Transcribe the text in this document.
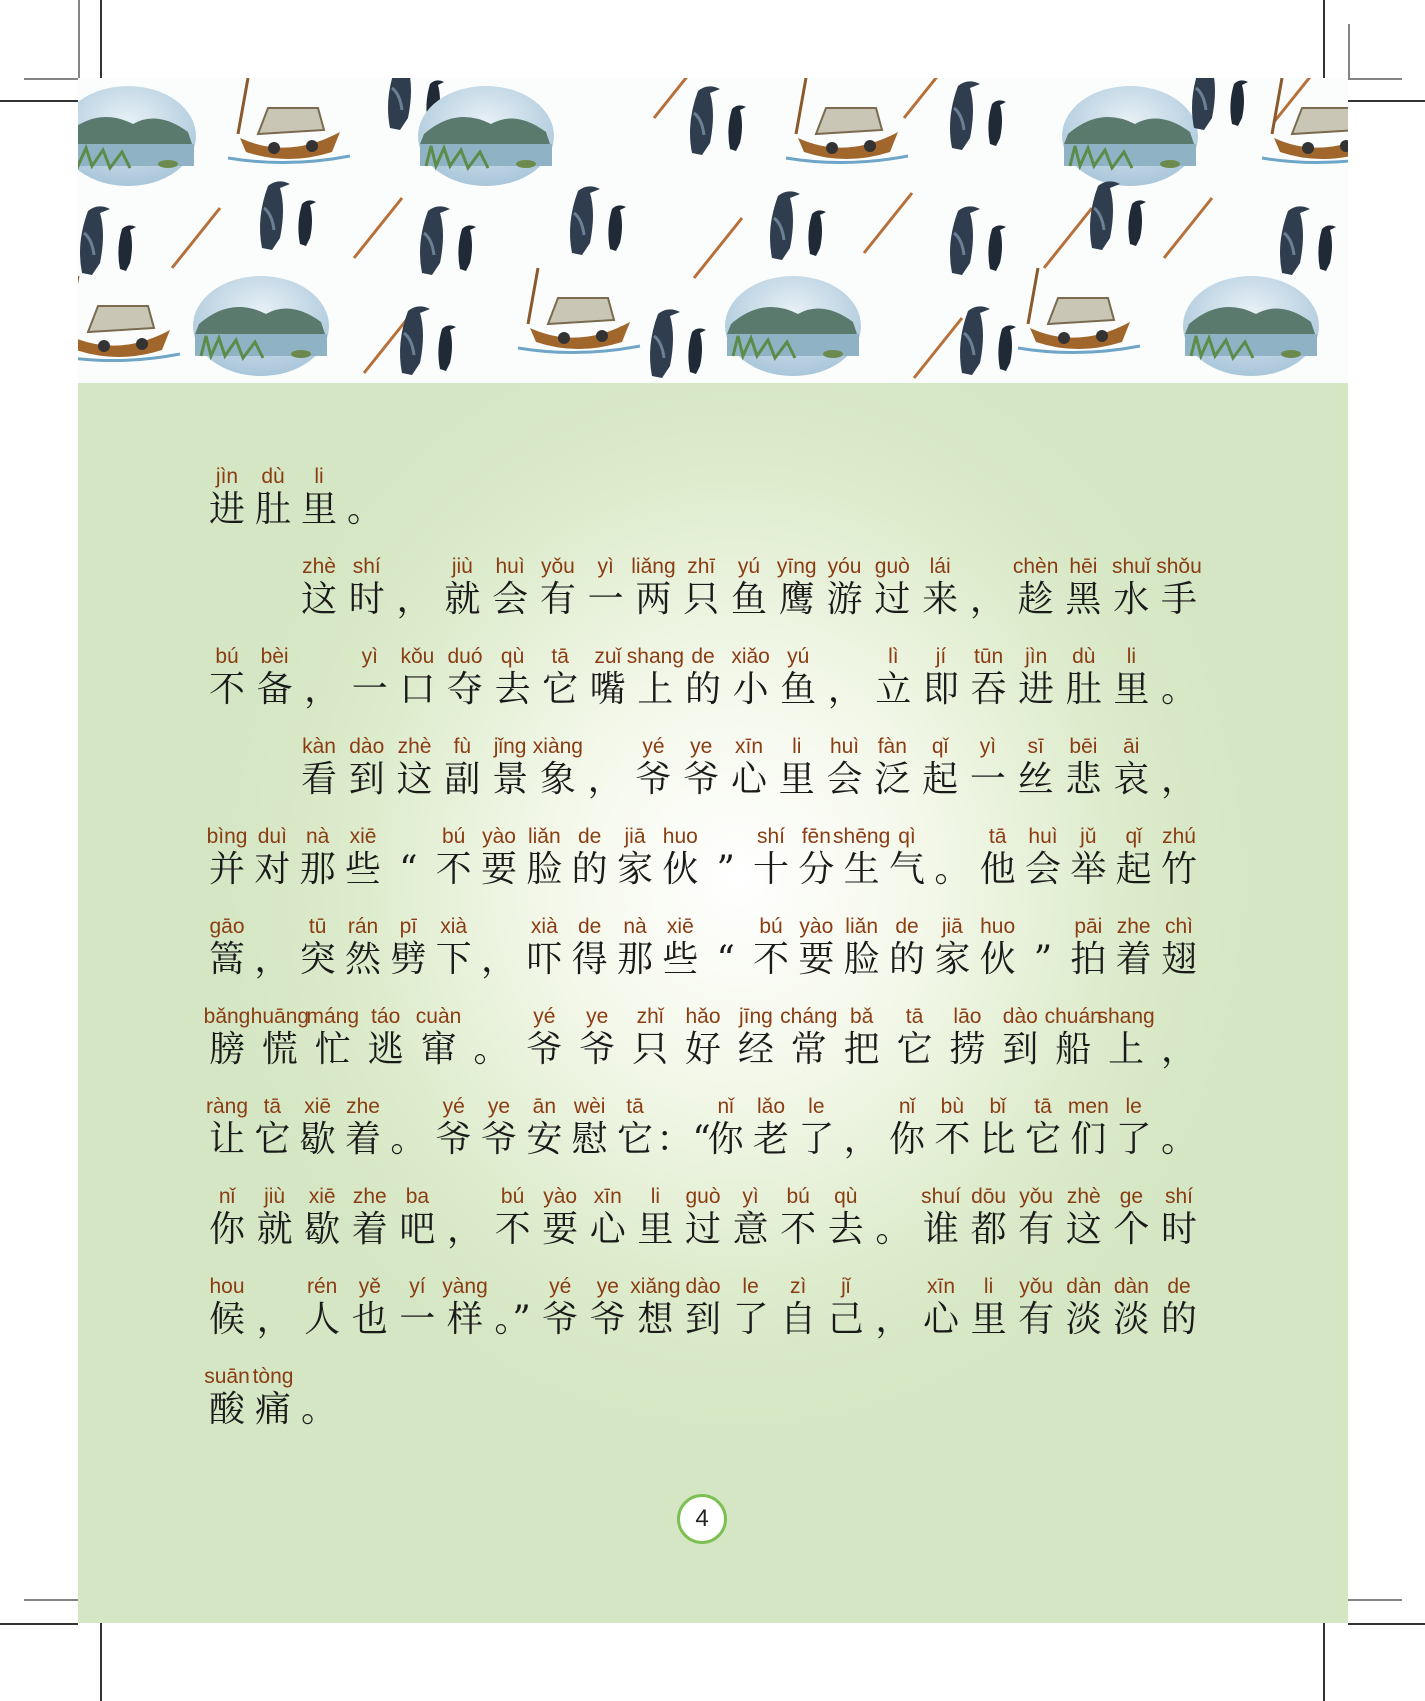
jìn
进
dù
肚
li
里 。
zhè
这
shí
时 ，
jiù
就
huì
会
yǒu
有
yì
一
liǎng
两
zhī
只
yú
鱼
yīng
鹰
yóu
游
guò
过
lái
来 ，
chèn
趁
hēi
黑
shuǐ
水
shǒu
手
bú
不
bèi
备 ，
yì
一
kǒu
口
duó
夺
qù
去
tā
它
zuǐ
嘴
shang
上
de
的
xiǎo
小
yú
鱼 ，
lì
立
jí
即
tūn
吞
jìn
进
dù
肚
li
里 。
kàn
看
dào
到
zhè
这
fù
副
jǐng
景
xiàng
象 ，
yé
爷
ye
爷
xīn
心
li
里
huì
会
fàn
泛
qǐ
起
yì
一
sī
丝
bēi
悲
āi
哀 ，
bìng
并
duì
对
nà
那
xiē
些 “
bú
不
yào
要
liǎn
脸
de
的
jiā
家
huo
伙 ”
shí
十
fēn
分
shēng
生
qì
气 。
tā
他
huì
会
jǔ
举
qǐ
起
zhú
竹
gāo
篙 ，
tū
突
rán
然
pī
劈
xià
下 ，
xià
吓
de
得
nà
那
xiē
些 “
bú
不
yào
要
liǎn
脸
de
的
jiā
家
huo
伙 ”
pāi
拍
zhe
着
chì
翅
bǎng
膀
huāng
慌
máng
忙
táo
逃
cuàn
窜 。
yé
爷
ye
爷
zhǐ
只
hǎo
好
jīng
经
cháng
常
bǎ
把
tā
它
lāo
捞
dào
到
chuán
船
shang
上 ，
ràng
让
tā
它
xiē
歇
zhe
着 。
yé
爷
ye
爷
ān
安
wèi
慰
tā
它 ：“
nǐ
你
lǎo
老
le
了 ，
nǐ
你
bù
不
bǐ
比
tā
它
men
们
le
了 。
nǐ
你
jiù
就
xiē
歇
zhe
着
ba
吧 ，
bú
不
yào
要
xīn
心
li
里
guò
过
yì
意
bú
不
qù
去 。
shuí
谁
dōu
都
yǒu
有
zhè
这
ge
个
shí
时
hou
候 ，
rén
人
yě
也
yí
一
yàng
样 。”
yé
爷
ye
爷
xiǎng
想
dào
到
le
了
zì
自
jǐ
己 ，
xīn
心
li
里
yǒu
有
dàn
淡
dàn
淡
de
的
suān
酸
tòng
痛 。
4
